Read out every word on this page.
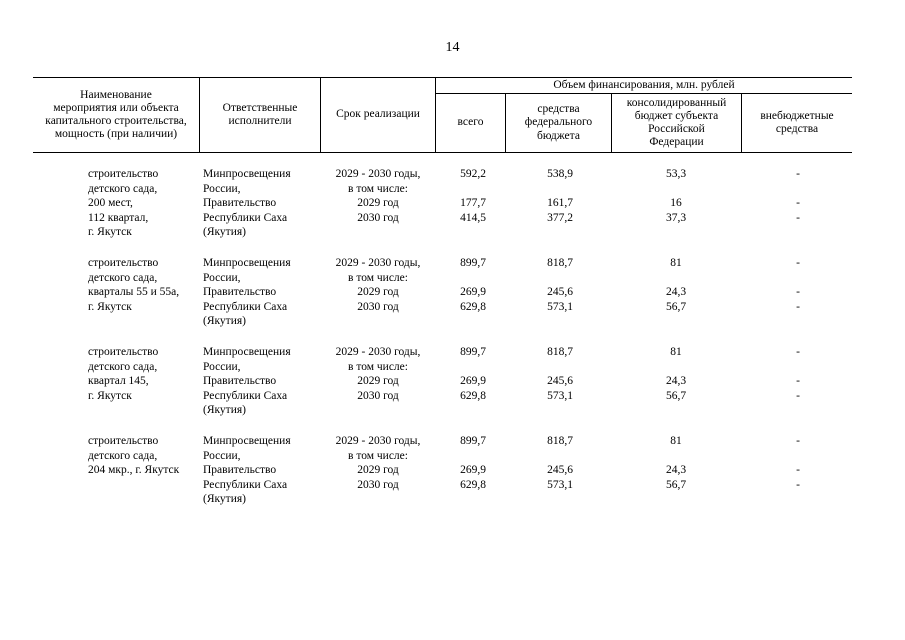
14
Наименование
мероприятия или объекта
капитального строительства,
мощность (при наличии)
Ответственные
исполнители
Срок реализации
Объем финансирования, млн. рублей
всего
средства
федерального
бюджета
консолидированный
бюджет субъекта
Российской
Федерации
внебюджетные
средства
строительство
детского сада,
200 мест,
112 квартал,
г. Якутск
Минпросвещения
России,
Правительство
Республики Саха
(Якутия)
2029 - 2030 годы,
в том числе:
2029 год
2030 год
592,2
177,7
414,5
538,9
161,7
377,2
53,3
16
37,3
-
-
-
строительство
детского сада,
кварталы 55 и 55а,
г. Якутск
Минпросвещения
России,
Правительство
Республики Саха
(Якутия)
2029 - 2030 годы,
в том числе:
2029 год
2030 год
899,7
269,9
629,8
818,7
245,6
573,1
81
24,3
56,7
-
-
-
строительство
детского сада,
квартал 145,
г. Якутск
Минпросвещения
России,
Правительство
Республики Саха
(Якутия)
2029 - 2030 годы,
в том числе:
2029 год
2030 год
899,7
269,9
629,8
818,7
245,6
573,1
81
24,3
56,7
-
-
-
строительство
детского сада,
204 мкр., г. Якутск
Минпросвещения
России,
Правительство
Республики Саха
(Якутия)
2029 - 2030 годы,
в том числе:
2029 год
2030 год
899,7
269,9
629,8
818,7
245,6
573,1
81
24,3
56,7
-
-
-
